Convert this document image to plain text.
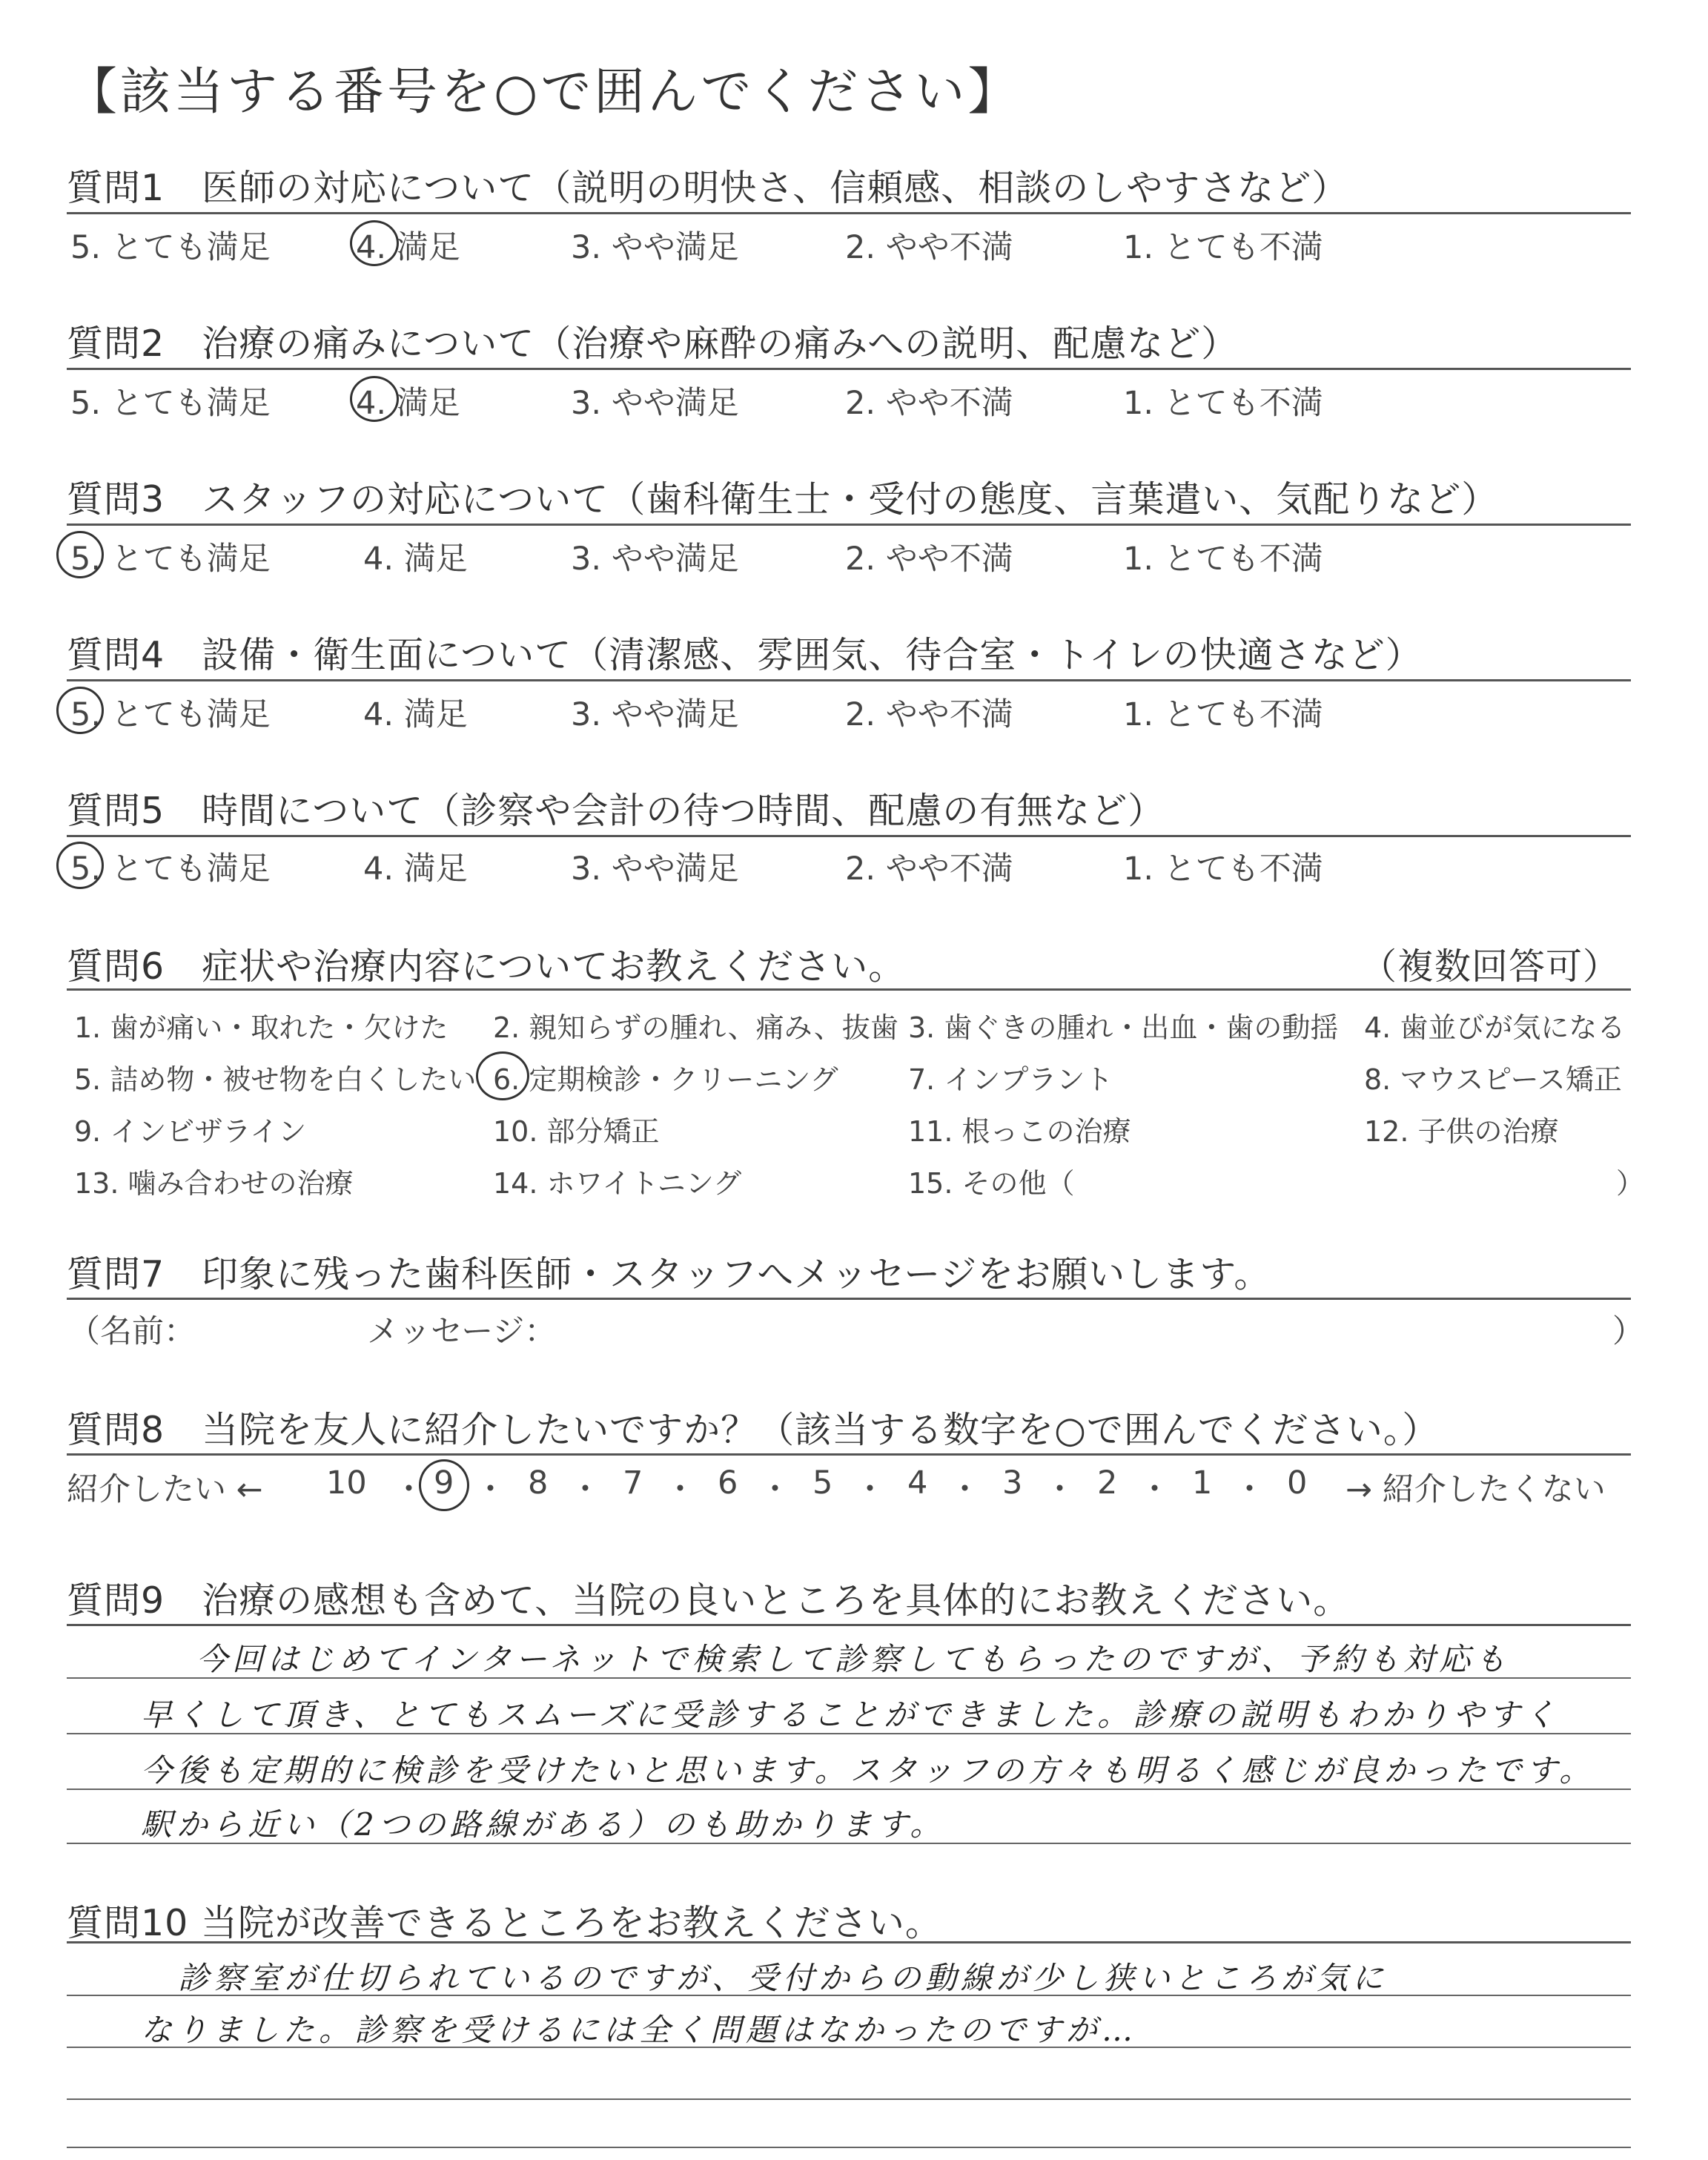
【該当する番号を○で囲んでください】
質問1　医師の対応について（説明の明快さ、信頼感、相談のしやすさなど）
5. とても満足	4. 満足	3. やや満足	2. やや不満	1. とても不満
質問2　治療の痛みについて（治療や麻酔の痛みへの説明、配慮など）
5. とても満足	4. 満足	3. やや満足	2. やや不満	1. とても不満
質問3　スタッフの対応について（歯科衛生士・受付の態度、言葉遣い、気配りなど）
5. とても満足	4. 満足	3. やや満足	2. やや不満	1. とても不満
質問4　設備・衛生面について（清潔感、雰囲気、待合室・トイレの快適さなど）
5. とても満足	4. 満足	3. やや満足	2. やや不満	1. とても不満
質問5　時間について（診察や会計の待つ時間、配慮の有無など）
5. とても満足	4. 満足	3. やや満足	2. やや不満	1. とても不満
質問6　症状や治療内容についてお教えください。	（複数回答可）
1. 歯が痛い・取れた・欠けた 2. 親知らずの腫れ、痛み、抜歯 3. 歯ぐきの腫れ・出血・歯の動揺 4. 歯並びが気になる
5. 詰め物・被せ物を白くしたい 6. 定期検診・クリーニング 7. インプラント	8. マウスピース矯正
9. インビザライン	10. 部分矯正	11. 根っこの治療	12. 子供の治療
13. 噛み合わせの治療	14. ホワイトニング	15. その他（	）
質問7　印象に残った歯科医師・スタッフへメッセージをお願いします。
（名前：	メッセージ：	）
質問8　当院を友人に紹介したいですか？（該当する数字を○で囲んでください。）
紹介したい ← 10 ・ 9 ・ 8 ・ 7 ・ 6 ・ 5 ・ 4 ・ 3 ・ 2 ・ 1 ・ 0 → 紹介したくない
質問9　治療の感想も含めて、当院の良いところを具体的にお教えください。
今回はじめてインターネットで検索して診察してもらったのですが、予約も対応も
早くして頂き、とてもスムーズに受診することができました。診療の説明もわかりやすく
今後も定期的に検診を受けたいと思います。スタッフの方々も明るく感じが良かったです。
駅から近い（2つの路線がある）のも助かります。
質問10 当院が改善できるところをお教えください。
診察室が仕切られているのですが、受付からの動線が少し狭いところが気に
なりました。診察を受けるには全く問題はなかったのですが…
